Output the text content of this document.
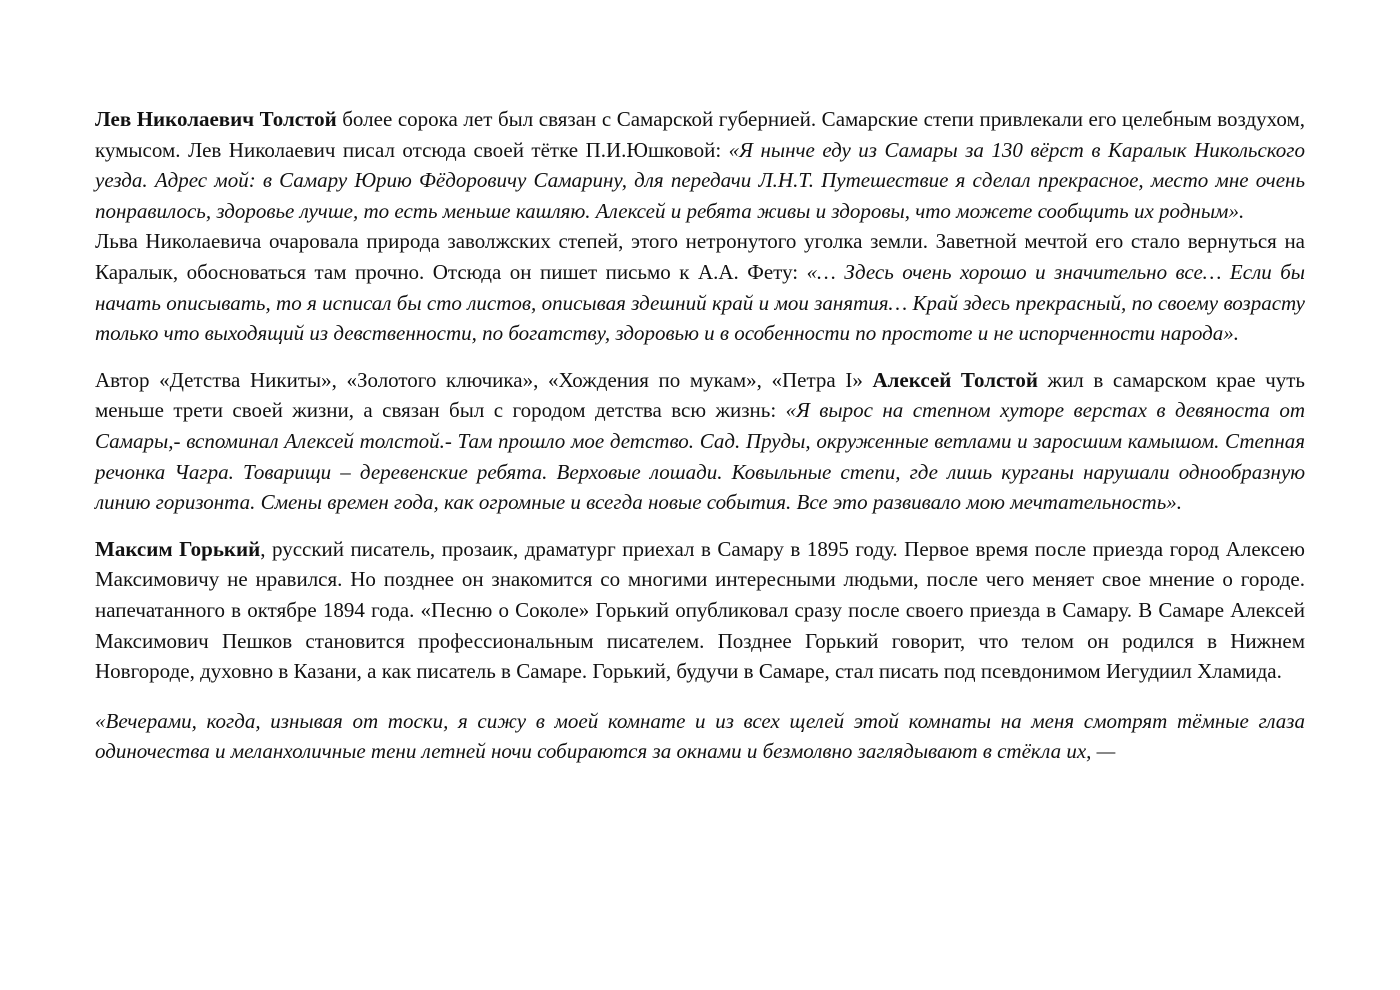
Лев Николаевич Толстой более сорока лет был связан с Самарской губернией. Самарские степи привлекали его целебным воздухом, кумысом. Лев Николаевич писал отсюда своей тётке П.И.Юшковой: «Я нынче еду из Самары за 130 вёрст в Каралык Никольского уезда. Адрес мой: в Самару Юрию Фёдоровичу Самарину, для передачи Л.Н.Т. Путешествие я сделал прекрасное, место мне очень понравилось, здоровье лучше, то есть меньше кашляю. Алексей и ребята живы и здоровы, что можете сообщить их родным».

Льва Николаевича очаровала природа заволжских степей, этого нетронутого уголка земли. Заветной мечтой его стало вернуться на Каралык, обосноваться там прочно. Отсюда он пишет письмо к А.А. Фету: «… Здесь очень хорошо и значительно все… Если бы начать описывать, то я исписал бы сто листов, описывая здешний край и мои занятия… Край здесь прекрасный, по своему возрасту только что выходящий из девственности, по богатству, здоровью и в особенности по простоте и не испорченности народа».

Автор «Детства Никиты», «Золотого ключика», «Хождения по мукам», «Петра I» Алексей Толстой жил в самарском крае чуть меньше трети своей жизни, а связан был с городом детства всю жизнь: «Я вырос на степном хуторе верстах в девяноста от Самары,- вспоминал Алексей толстой.- Там прошло мое детство. Сад. Пруды, окруженные ветлами и заросшим камышом. Степная речонка Чагра. Товарищи – деревенские ребята. Верховые лошади. Ковыльные степи, где лишь курганы нарушали однообразную линию горизонта. Смены времен года, как огромные и всегда новые события. Все это развивало мою мечтательность».

Максим Горький, русский писатель, прозаик, драматург приехал в Самару в 1895 году. Первое время после приезда город Алексею Максимовичу не нравился. Но позднее он знакомится со многими интересными людьми, после чего меняет свое мнение о городе. напечатанного в октябре 1894 года. «Песню о Соколе» Горький опубликовал сразу после своего приезда в Самару. В Самаре Алексей Максимович Пешков становится профессиональным писателем. Позднее Горький говорит, что телом он родился в Нижнем Новгороде, духовно в Казани, а как писатель в Самаре. Горький, будучи в Самаре, стал писать под псевдонимом Иегудиил Хламида.

«Вечерами, когда, изнывая от тоски, я сижу в моей комнате и из всех щелей этой комнаты на меня смотрят тёмные глаза одиночества и меланхоличные тени летней ночи собираются за окнами и безмолвно заглядывают в стёкла их, —
